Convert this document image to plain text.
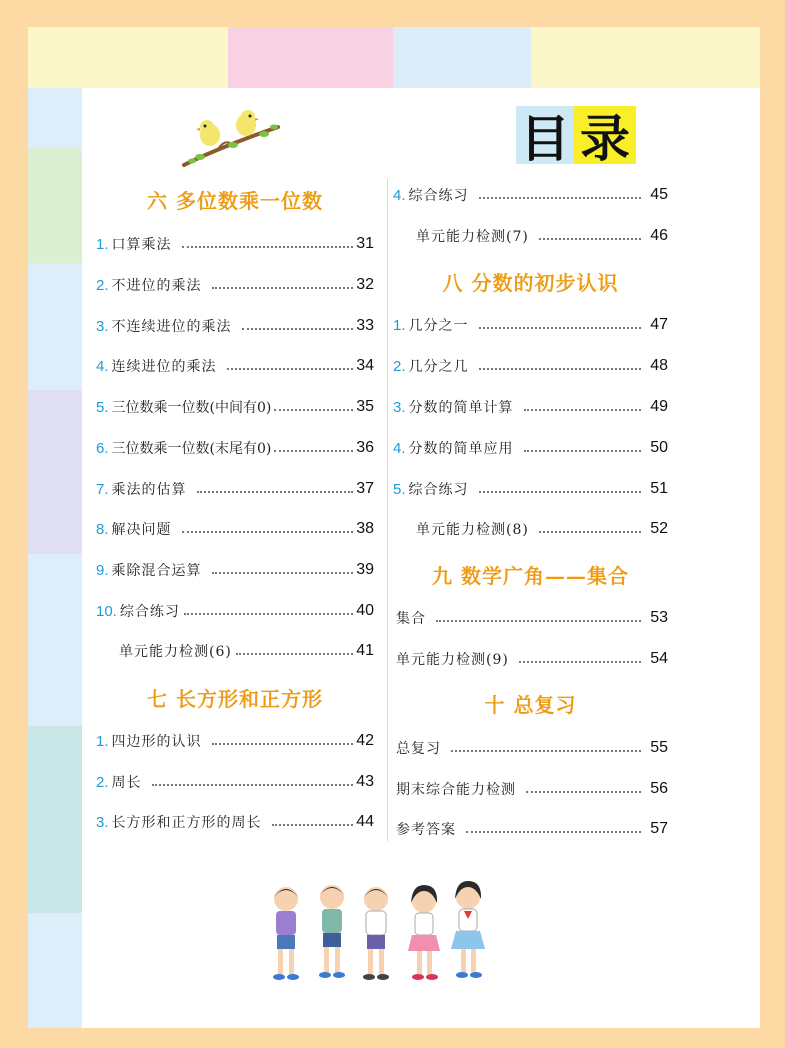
目 录
六 多位数乘一位数
1. 口算乘法	31
2. 不进位的乘法	32
3. 不连续进位的乘法	33
4. 连续进位的乘法	34
5. 三位数乘一位数(中间有0)	35
6. 三位数乘一位数(末尾有0)	36
7. 乘法的估算	37
8. 解决问题	38
9. 乘除混合运算	39
10. 综合练习	40
单元能力检测(6)	41
七 长方形和正方形
1. 四边形的认识	42
2. 周长	43
3. 长方形和正方形的周长	44
4. 综合练习	45
单元能力检测(7)	46
八 分数的初步认识
1. 几分之一	47
2. 几分之几	48
3. 分数的简单计算	49
4. 分数的简单应用	50
5. 综合练习	51
单元能力检测(8)	52
九 数学广角——集合
集合	53
单元能力检测(9)	54
十 总复习
总复习	55
期末综合能力检测	56
参考答案	57
